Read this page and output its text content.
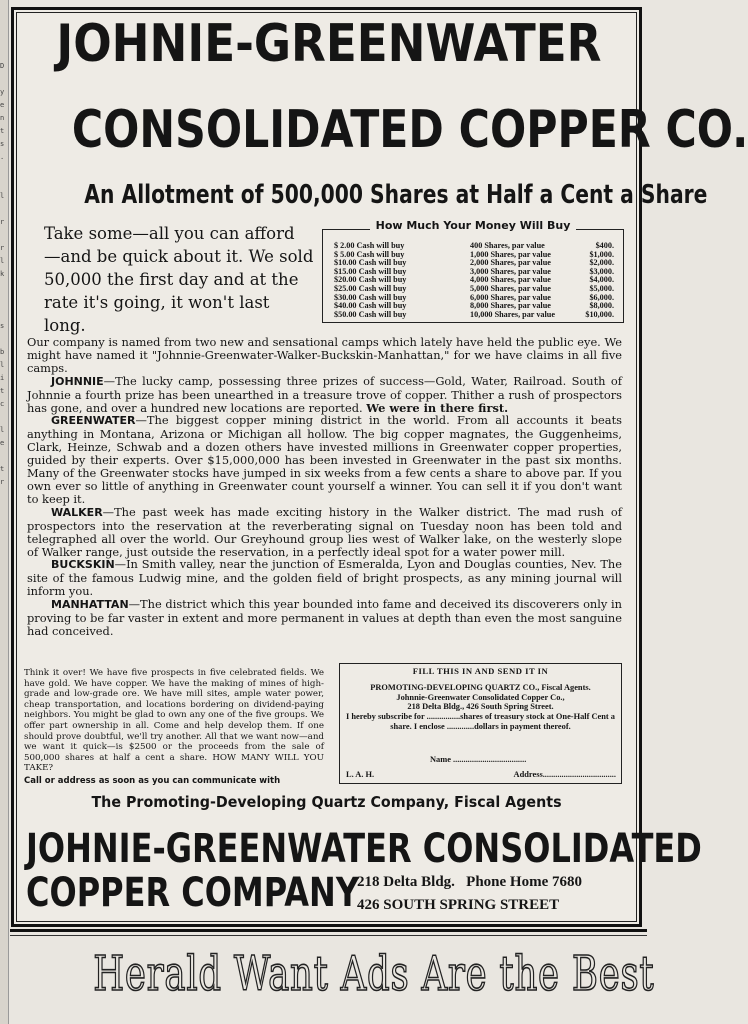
D

y
e
n
t
s
.

l

r

r
l
k

s

b
l
i
t
c

l
e

t
r
JOHNIE-GREENWATER
CONSOLIDATED COPPER CO.
An Allotment of 500,000 Shares at Half a Cent a Share
Take some—all you can afford —and be quick about it. We sold 50,000 the first day and at the rate it's going, it won't last long.
How Much Your Money Will Buy
$ 2.00 Cash will buy	400 Shares, par value	$400.
$ 5.00 Cash will buy	1,000 Shares, par value	$1,000.
$10.00 Cash will buy	2,000 Shares, par value	$2,000.
$15.00 Cash will buy	3,000 Shares, par value	$3,000.
$20.00 Cash will buy	4,000 Shares, par value	$4,000.
$25.00 Cash will buy	5,000 Shares, par value	$5,000.
$30.00 Cash will buy	6,000 Shares, par value	$6,000.
$40.00 Cash will buy	8,000 Shares, par value	$8,000.
$50.00 Cash will buy	10,000 Shares, par value	$10,000.

Our company is named from two new and sensational camps which lately have held the public eye. We might have named it "Johnnie-Greenwater-Walker-Buckskin-Manhattan," for we have claims in all five camps.

JOHNNIE—The lucky camp, possessing three prizes of success—Gold, Water, Railroad. South of Johnnie a fourth prize has been unearthed in a treasure trove of copper. Thither a rush of prospectors has gone, and over a hundred new locations are reported. We were in there first.

GREENWATER—The biggest copper mining district in the world. From all accounts it beats anything in Montana, Arizona or Michigan all hollow. The big copper magnates, the Guggenheims, Clark, Heinze, Schwab and a dozen others have invested millions in Greenwater copper properties, guided by their experts. Over $15,000,000 has been invested in Greenwater in the past six months. Many of the Greenwater stocks have jumped in six weeks from a few cents a share to above par. If you own ever so little of anything in Greenwater count yourself a winner. You can sell it if you don't want to keep it.

WALKER—The past week has made exciting history in the Walker district. The mad rush of prospectors into the reservation at the reverberating signal on Tuesday noon has been told and telegraphed all over the world. Our Greyhound group lies west of Walker lake, on the westerly slope of Walker range, just outside the reservation, in a perfectly ideal spot for a water power mill.

BUCKSKIN—In Smith valley, near the junction of Esmeralda, Lyon and Douglas counties, Nev. The site of the famous Ludwig mine, and the golden field of bright prospects, as any mining journal will inform you.

MANHATTAN—The district which this year bounded into fame and deceived its discoverers only in proving to be far vaster in extent and more permanent in values at depth than even the most sanguine had conceived.

Think it over! We have five prospects in five celebrated fields. We have gold. We have copper. We have the making of mines of high-grade and low-grade ore. We have mill sites, ample water power, cheap transportation, and locations bordering on dividend-paying neighbors. You might be glad to own any one of the five groups. We offer part ownership in all. Come and help develop them. If one should prove doubtful, we'll try another. All that we want now—and we want it quick—is $2500 or the proceeds from the sale of 500,000 shares at half a cent a share. HOW MANY WILL YOU TAKE?
Call or address as soon as you can communicate with

FILL THIS IN AND SEND IT IN

PROMOTING-DEVELOPING QUARTZ CO., Fiscal Agents.

Johnnie-Greenwater Consolidated Copper Co.,

218 Delta Bldg., 426 South Spring Street.

I hereby subscribe for ................shares of treasury stock at One-Half Cent a share. I enclose .............dollars in payment thereof.

Name ...................................
L. A. H.	Address...................................
The Promoting-Developing Quartz Company, Fiscal Agents
JOHNIE-GREENWATER CONSOLIDATED
COPPER COMPANY
218 Delta Bldg.   Phone Home 7680
426 SOUTH SPRING STREET
Herald Want Ads Are the Best
